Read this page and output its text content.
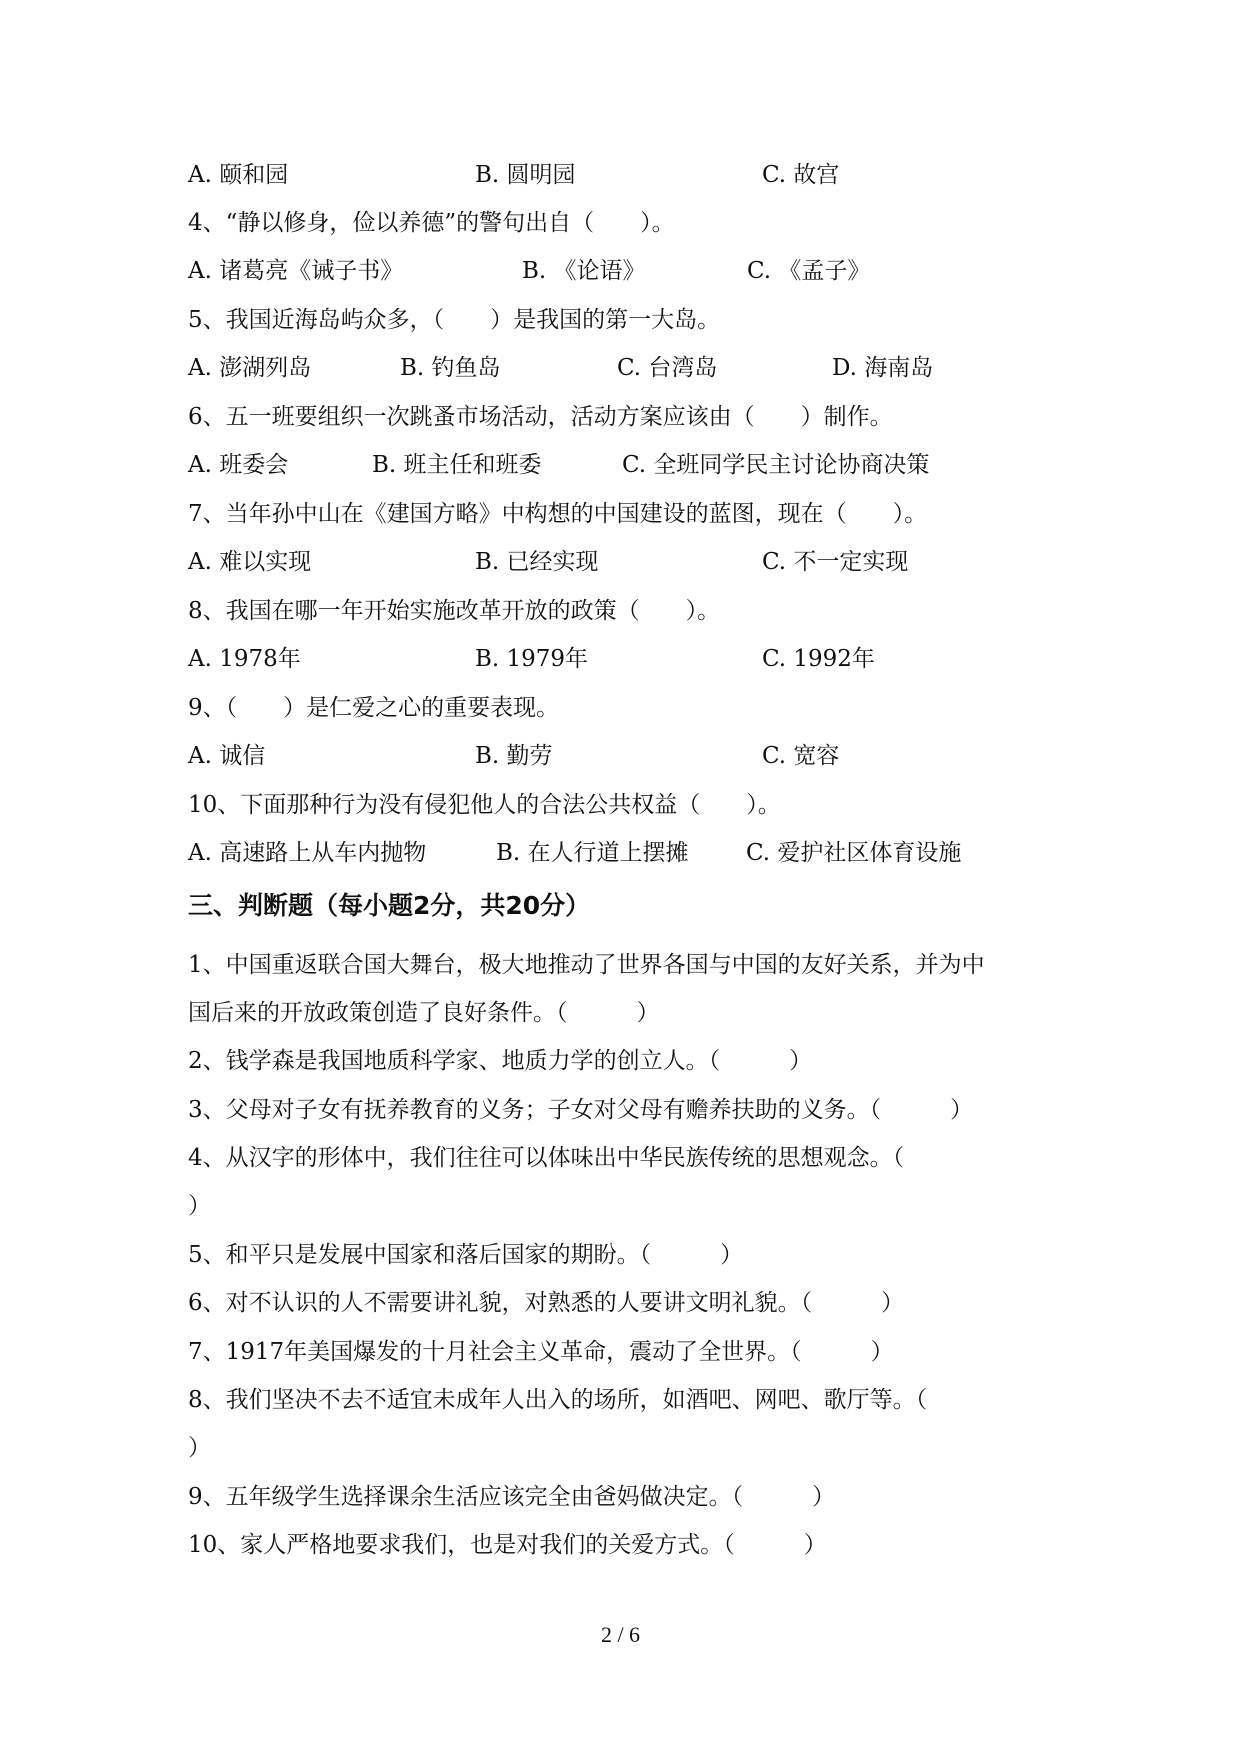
A. 颐和园	B. 圆明园	C. 故宫
4、“静以修身，俭以养德”的警句出自（　　）。
A. 诸葛亮《诫子书》	B. 《论语》	C. 《孟子》
5、我国近海岛屿众多，（　　）是我国的第一大岛。
A. 澎湖列岛	B. 钓鱼岛	C. 台湾岛	D. 海南岛
6、五一班要组织一次跳蚤市场活动，活动方案应该由（　　）制作。
A. 班委会	B. 班主任和班委	C. 全班同学民主讨论协商决策
7、当年孙中山在《建国方略》中构想的中国建设的蓝图，现在（　　）。
A. 难以实现	B. 已经实现	C. 不一定实现
8、我国在哪一年开始实施改革开放的政策（　　）。
A. 1978年	B. 1979年	C. 1992年
9、（　　）是仁爱之心的重要表现。
A. 诚信	B. 勤劳	C. 宽容
10、下面那种行为没有侵犯他人的合法公共权益（　　）。
A. 高速路上从车内抛物	B. 在人行道上摆摊 C. 爱护社区体育设施
三、判断题（每小题2分，共20分）
1、中国重返联合国大舞台，极大地推动了世界各国与中国的友好关系，并为中
国后来的开放政策创造了良好条件。（　　　）
2、钱学森是我国地质科学家、地质力学的创立人。（　　　）
3、父母对子女有抚养教育的义务；子女对父母有赡养扶助的义务。（　　　）
4、从汉字的形体中，我们往往可以体味出中华民族传统的思想观念。（
）
5、和平只是发展中国家和落后国家的期盼。（　　　）
6、对不认识的人不需要讲礼貌，对熟悉的人要讲文明礼貌。（　　　）
7、1917年美国爆发的十月社会主义革命，震动了全世界。（　　　）
8、我们坚决不去不适宜未成年人出入的场所，如酒吧、网吧、歌厅等。（
）
9、五年级学生选择课余生活应该完全由爸妈做决定。（　　　）
10、家人严格地要求我们，也是对我们的关爱方式。（　　　）
2 / 6
